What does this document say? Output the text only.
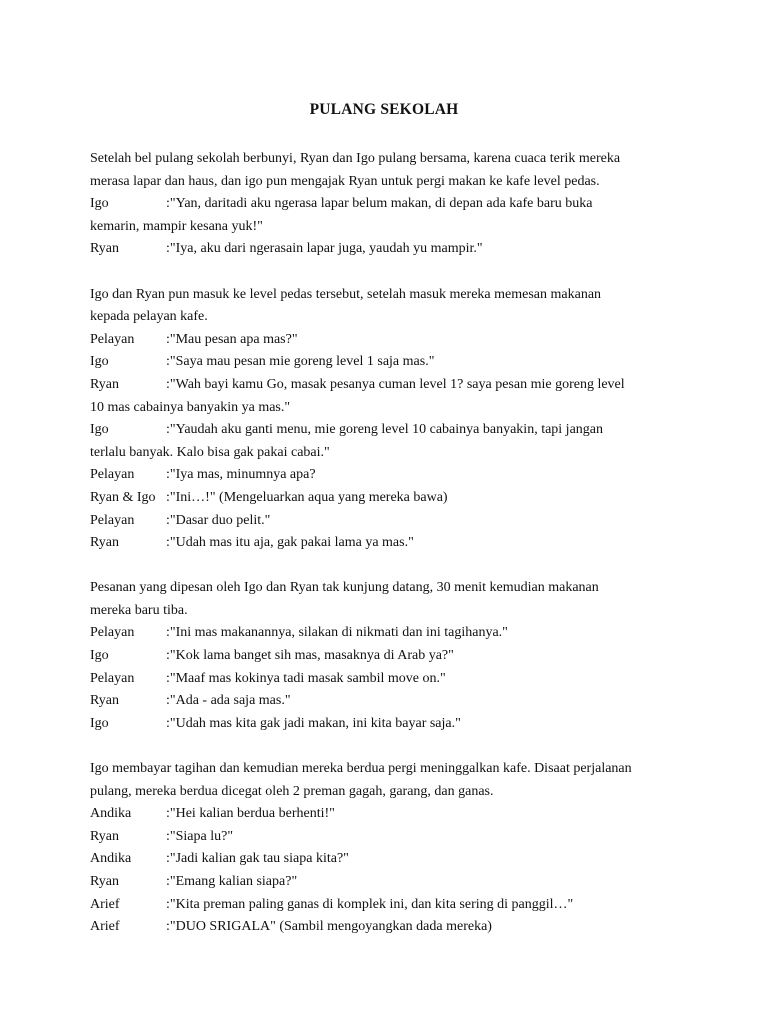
PULANG SEKOLAH
Setelah bel pulang sekolah berbunyi, Ryan dan Igo pulang bersama, karena cuaca terik mereka
merasa lapar dan haus, dan igo pun mengajak Ryan untuk pergi makan ke kafe level pedas.
Igo	:"Yan, daritadi aku ngerasa lapar belum makan, di depan ada kafe baru buka
kemarin, mampir kesana yuk!"
Ryan	:"Iya, aku dari ngerasain lapar juga, yaudah yu mampir."
Igo dan Ryan pun masuk ke level pedas tersebut, setelah masuk mereka memesan makanan
kepada pelayan kafe.
Pelayan :"Mau pesan apa mas?"
Igo	:"Saya mau pesan mie goreng level 1 saja mas."
Ryan	:"Wah bayi kamu Go, masak pesanya cuman level 1? saya pesan mie goreng level
10 mas cabainya banyakin ya mas."
Igo	:"Yaudah aku ganti menu, mie goreng level 10 cabainya banyakin, tapi jangan
terlalu banyak. Kalo bisa gak pakai cabai."
Pelayan :"Iya mas, minumnya apa?
Ryan & Igo :"Ini…!" (Mengeluarkan aqua yang mereka bawa)
Pelayan :"Dasar duo pelit."
Ryan	:"Udah mas itu aja, gak pakai lama ya mas."
Pesanan yang dipesan oleh Igo dan Ryan tak kunjung datang, 30 menit kemudian makanan
mereka baru tiba.
Pelayan :"Ini mas makanannya, silakan di nikmati dan ini tagihanya."
Igo	:"Kok lama banget sih mas, masaknya di Arab ya?"
Pelayan :"Maaf mas kokinya tadi masak sambil move on."
Ryan	:"Ada - ada saja mas."
Igo	:"Udah mas kita gak jadi makan, ini kita bayar saja."
Igo membayar tagihan dan kemudian mereka berdua pergi meninggalkan kafe. Disaat perjalanan
pulang, mereka berdua dicegat oleh 2 preman gagah, garang, dan ganas.
Andika :"Hei kalian berdua berhenti!"
Ryan	:"Siapa lu?"
Andika :"Jadi kalian gak tau siapa kita?"
Ryan	:"Emang kalian siapa?"
Arief	:"Kita preman paling ganas di komplek ini, dan kita sering di panggil…"
Arief	:"DUO SRIGALA" (Sambil mengoyangkan dada mereka)
